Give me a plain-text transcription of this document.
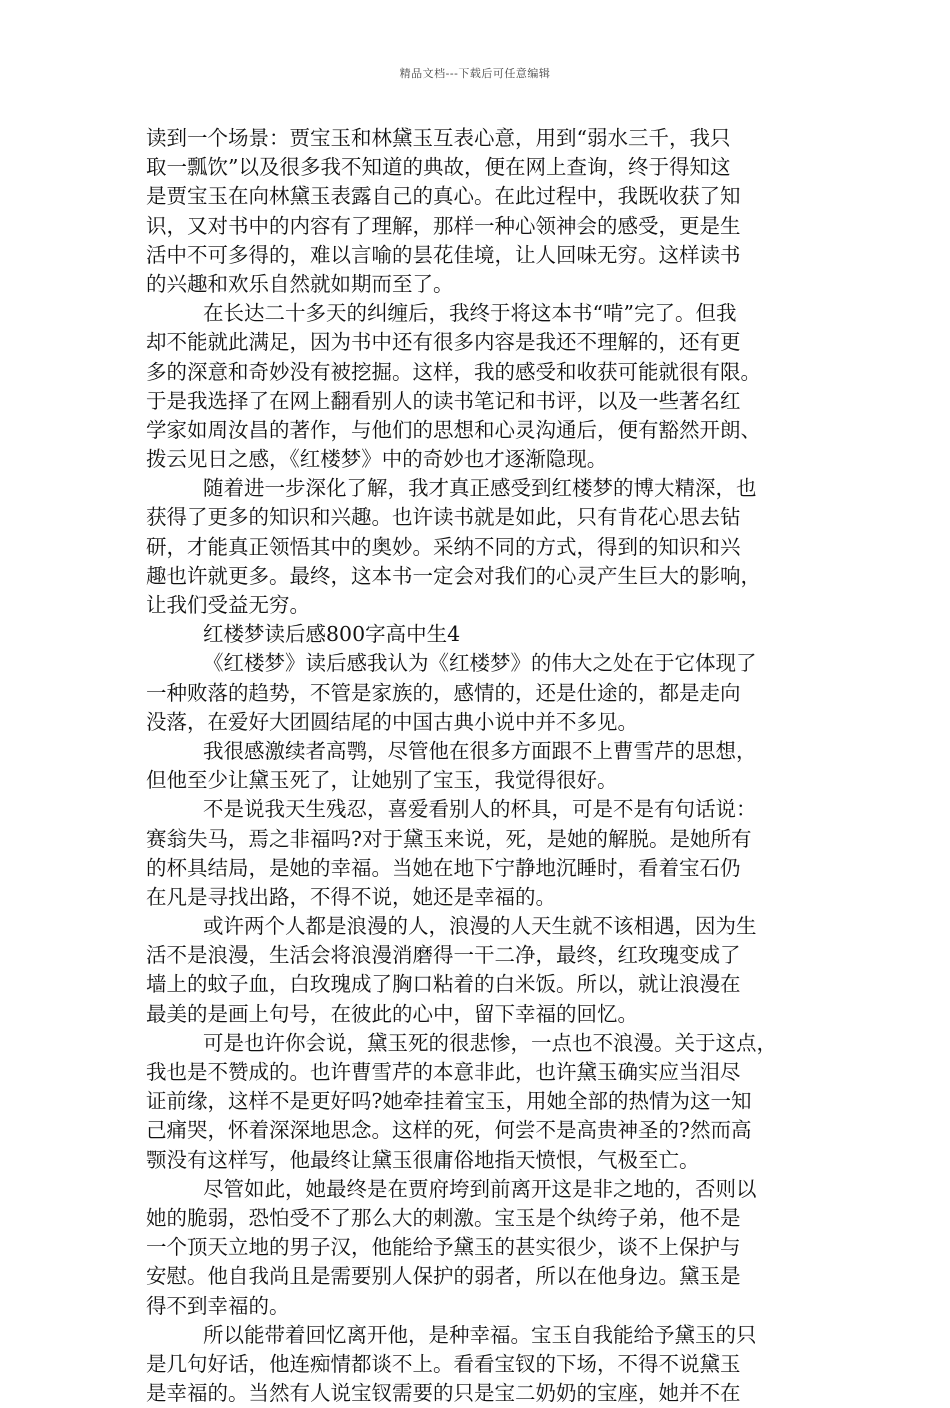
精品文档---下载后可任意编辑
读到一个场景：贾宝玉和林黛玉互表心意，用到“弱水三千，我只
取一瓢饮”以及很多我不知道的典故，便在网上查询，终于得知这
是贾宝玉在向林黛玉表露自己的真心。在此过程中，我既收获了知
识，又对书中的内容有了理解，那样一种心领神会的感受，更是生
活中不可多得的，难以言喻的昙花佳境，让人回味无穷。这样读书
的兴趣和欢乐自然就如期而至了。
在长达二十多天的纠缠后，我终于将这本书“啃”完了。但我
却不能就此满足，因为书中还有很多内容是我还不理解的，还有更
多的深意和奇妙没有被挖掘。这样，我的感受和收获可能就很有限。
于是我选择了在网上翻看别人的读书笔记和书评，以及一些著名红
学家如周汝昌的著作，与他们的思想和心灵沟通后，便有豁然开朗、
拨云见日之感，《红楼梦》中的奇妙也才逐渐隐现。
随着进一步深化了解，我才真正感受到红楼梦的博大精深，也
获得了更多的知识和兴趣。也许读书就是如此，只有肯花心思去钻
研，才能真正领悟其中的奥妙。采纳不同的方式，得到的知识和兴
趣也许就更多。最终，这本书一定会对我们的心灵产生巨大的影响，
让我们受益无穷。
红楼梦读后感800字高中生4
《红楼梦》读后感我认为《红楼梦》的伟大之处在于它体现了
一种败落的趋势，不管是家族的，感情的，还是仕途的，都是走向
没落，在爱好大团圆结尾的中国古典小说中并不多见。
我很感激续者高鹗，尽管他在很多方面跟不上曹雪芹的思想，
但他至少让黛玉死了，让她别了宝玉，我觉得很好。
不是说我天生残忍，喜爱看别人的杯具，可是不是有句话说：
赛翁失马，焉之非福吗?对于黛玉来说，死，是她的解脱。是她所有
的杯具结局，是她的幸福。当她在地下宁静地沉睡时，看着宝石仍
在凡是寻找出路，不得不说，她还是幸福的。
或许两个人都是浪漫的人，浪漫的人天生就不该相遇，因为生
活不是浪漫，生活会将浪漫消磨得一干二净，最终，红玫瑰变成了
墙上的蚊子血，白玫瑰成了胸口粘着的白米饭。所以，就让浪漫在
最美的是画上句号，在彼此的心中，留下幸福的回忆。
可是也许你会说，黛玉死的很悲惨，一点也不浪漫。关于这点，
我也是不赞成的。也许曹雪芹的本意非此，也许黛玉确实应当泪尽
证前缘，这样不是更好吗?她牵挂着宝玉，用她全部的热情为这一知
己痛哭，怀着深深地思念。这样的死，何尝不是高贵神圣的?然而高
颚没有这样写，他最终让黛玉很庸俗地指天愤恨，气极至亡。
尽管如此，她最终是在贾府垮到前离开这是非之地的，否则以
她的脆弱，恐怕受不了那么大的刺激。宝玉是个纨绔子弟，他不是
一个顶天立地的男子汉，他能给予黛玉的甚实很少，谈不上保护与
安慰。他自我尚且是需要别人保护的弱者，所以在他身边。黛玉是
得不到幸福的。
所以能带着回忆离开他，是种幸福。宝玉自我能给予黛玉的只
是几句好话，他连痴情都谈不上。看看宝钗的下场，不得不说黛玉
是幸福的。当然有人说宝钗需要的只是宝二奶奶的宝座，她并不在
